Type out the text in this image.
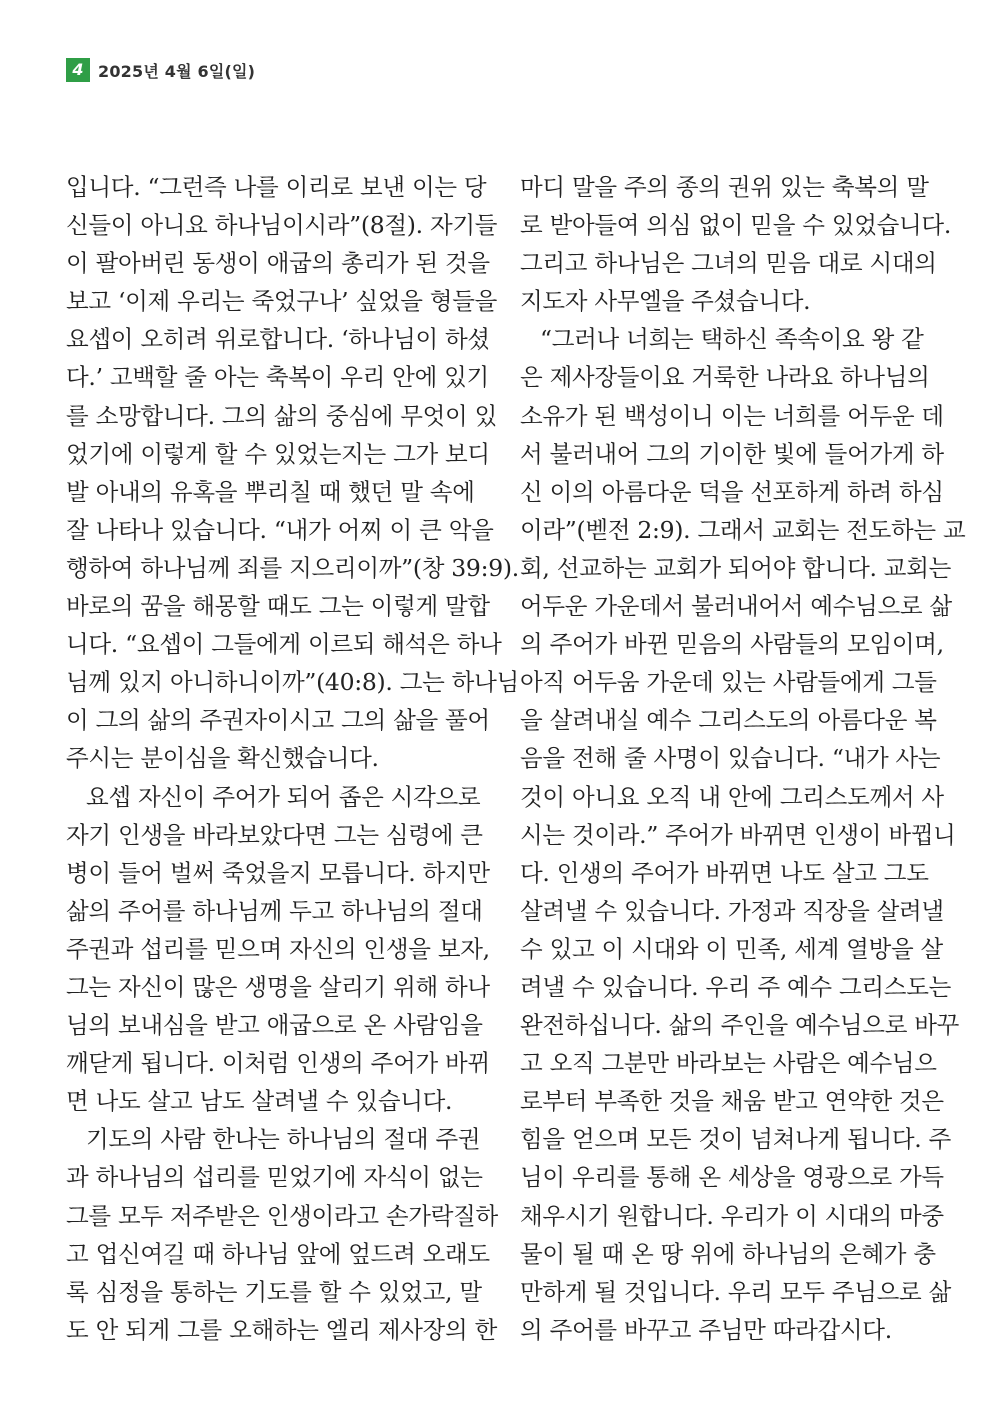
4 2025년 4월 6일(일)
입니다. “그런즉 나를 이리로 보낸 이는 당
신들이 아니요 하나님이시라”(8절). 자기들
이 팔아버린 동생이 애굽의 총리가 된 것을
보고 ‘이제 우리는 죽었구나’ 싶었을 형들을
요셉이 오히려 위로합니다. ‘하나님이 하셨
다.’ 고백할 줄 아는 축복이 우리 안에 있기
를 소망합니다. 그의 삶의 중심에 무엇이 있
었기에 이렇게 할 수 있었는지는 그가 보디
발 아내의 유혹을 뿌리칠 때 했던 말 속에
잘 나타나 있습니다. “내가 어찌 이 큰 악을
행하여 하나님께 죄를 지으리이까”(창 39:9).
바로의 꿈을 해몽할 때도 그는 이렇게 말합
니다. “요셉이 그들에게 이르되 해석은 하나
님께 있지 아니하니이까”(40:8). 그는 하나님
이 그의 삶의 주권자이시고 그의 삶을 풀어
주시는 분이심을 확신했습니다.
요셉 자신이 주어가 되어 좁은 시각으로
자기 인생을 바라보았다면 그는 심령에 큰
병이 들어 벌써 죽었을지 모릅니다. 하지만
삶의 주어를 하나님께 두고 하나님의 절대
주권과 섭리를 믿으며 자신의 인생을 보자,
그는 자신이 많은 생명을 살리기 위해 하나
님의 보내심을 받고 애굽으로 온 사람임을
깨닫게 됩니다. 이처럼 인생의 주어가 바뀌
면 나도 살고 남도 살려낼 수 있습니다.
기도의 사람 한나는 하나님의 절대 주권
과 하나님의 섭리를 믿었기에 자식이 없는
그를 모두 저주받은 인생이라고 손가락질하
고 업신여길 때 하나님 앞에 엎드려 오래도
록 심정을 통하는 기도를 할 수 있었고, 말
도 안 되게 그를 오해하는 엘리 제사장의 한
마디 말을 주의 종의 권위 있는 축복의 말
로 받아들여 의심 없이 믿을 수 있었습니다.
그리고 하나님은 그녀의 믿음 대로 시대의
지도자 사무엘을 주셨습니다.
“그러나 너희는 택하신 족속이요 왕 같
은 제사장들이요 거룩한 나라요 하나님의
소유가 된 백성이니 이는 너희를 어두운 데
서 불러내어 그의 기이한 빛에 들어가게 하
신 이의 아름다운 덕을 선포하게 하려 하심
이라”(벧전 2:9). 그래서 교회는 전도하는 교
회, 선교하는 교회가 되어야 합니다. 교회는
어두운 가운데서 불러내어서 예수님으로 삶
의 주어가 바뀐 믿음의 사람들의 모임이며,
아직 어두움 가운데 있는 사람들에게 그들
을 살려내실 예수 그리스도의 아름다운 복
음을 전해 줄 사명이 있습니다. “내가 사는
것이 아니요 오직 내 안에 그리스도께서 사
시는 것이라.” 주어가 바뀌면 인생이 바뀝니
다. 인생의 주어가 바뀌면 나도 살고 그도
살려낼 수 있습니다. 가정과 직장을 살려낼
수 있고 이 시대와 이 민족, 세계 열방을 살
려낼 수 있습니다. 우리 주 예수 그리스도는
완전하십니다. 삶의 주인을 예수님으로 바꾸
고 오직 그분만 바라보는 사람은 예수님으
로부터 부족한 것을 채움 받고 연약한 것은
힘을 얻으며 모든 것이 넘쳐나게 됩니다. 주
님이 우리를 통해 온 세상을 영광으로 가득
채우시기 원합니다. 우리가 이 시대의 마중
물이 될 때 온 땅 위에 하나님의 은혜가 충
만하게 될 것입니다. 우리 모두 주님으로 삶
의 주어를 바꾸고 주님만 따라갑시다.
